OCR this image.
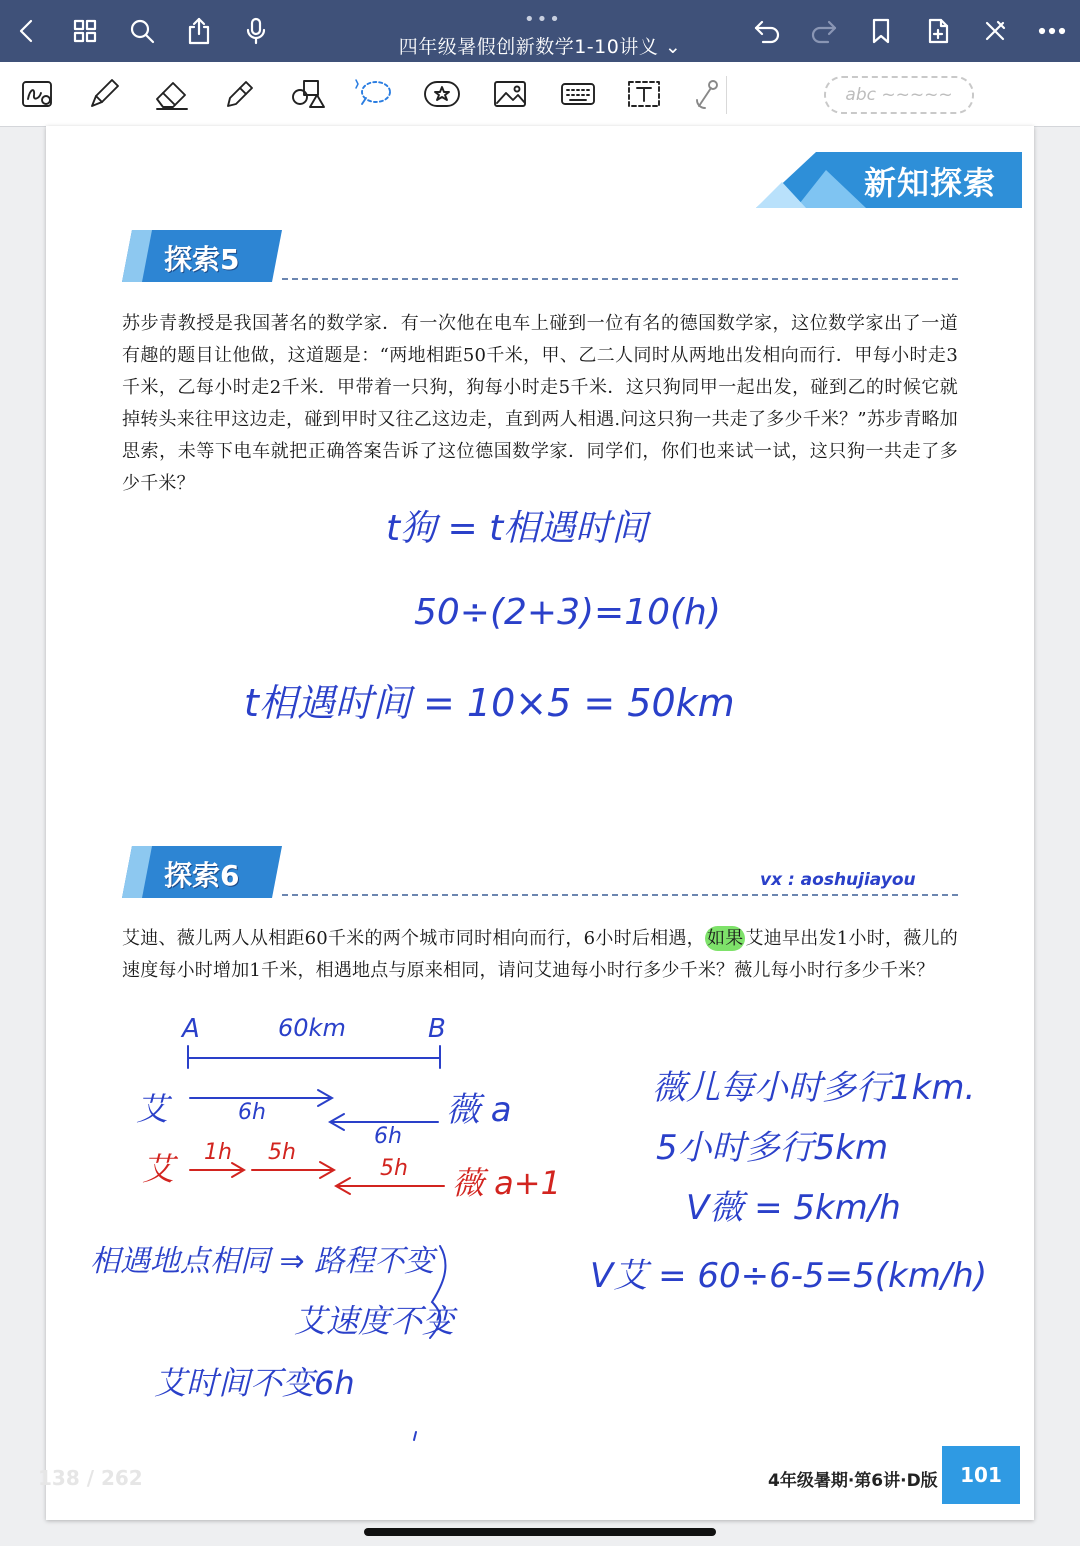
•••
四年级暑假创新数学1-10讲义 ⌄
abc ~~~~~
新知探索
探索5
苏步青教授是我国著名的数学家．有一次他在电车上碰到一位有名的德国数学家，这位数学家出了一道有趣的题目让他做，这道题是：“两地相距50千米，甲、乙二人同时从两地出发相向而行．甲每小时走3千米，乙每小时走2千米．甲带着一只狗，狗每小时走5千米．这只狗同甲一起出发，碰到乙的时候它就掉转头来往甲这边走，碰到甲时又往乙这边走，直到两人相遇.问这只狗一共走了多少千米？”苏步青略加思索，未等下电车就把正确答案告诉了这位德国数学家．同学们，你们也来试一试，这只狗一共走了多少千米？
t狗 = t相遇时间
50÷(2+3)=10(h)
t相遇时间 = 10×5 = 50km
探索6	vx : aoshujiayou
艾迪、薇儿两人从相距60千米的两个城市同时相向而行，6小时后相遇， 如果 艾迪早出发1小时，薇儿的速度每小时增加1千米，相遇地点与原来相同，请问艾迪每小时行多少千米？薇儿每小时行多少千米？
A	60km	B
艾	6h
6h
薇 a
艾 1h 5h
5h 薇 a+1
薇儿每小时多行1km.
5小时多行5km
V薇 = 5km/h
V艾 = 60÷6-5=5(km/h)
相遇地点相同 ⇒ 路程不变
艾速度不变
艾时间不变6h
4年级暑期·第6讲·D版	101
138 / 262
